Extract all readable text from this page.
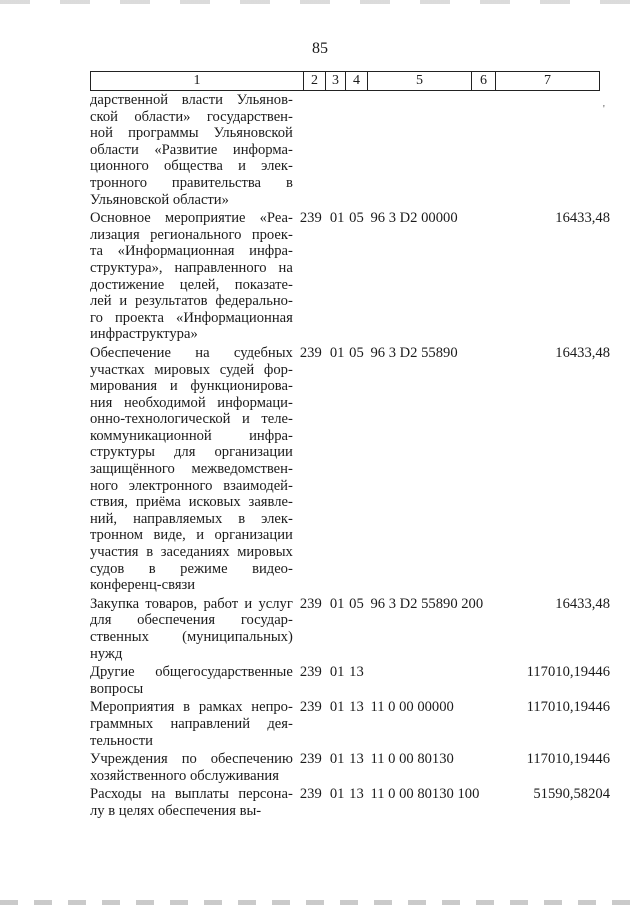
85
1	2	3	4	5	6	7
'
дарственной власти Ульянов-
ской области» государствен-
ной программы Ульяновской
области «Развитие информа-
ционного общества и элек-
тронного правительства в
Ульяновской области»
Основное мероприятие «Реа-
лизация регионального проек-
та «Информационная инфра-
структура», направленного на
достижение целей, показате-
лей и результатов федерально-
го проекта «Информационная
инфраструктура»
239 01 05 96 3 D2 00000	16433,48
Обеспечение на судебных
участках мировых судей фор-
мирования и функционирова-
ния необходимой информаци-
онно-технологической и теле-
коммуникационной инфра-
структуры для организации
защищённого межведомствен-
ного электронного взаимодей-
ствия, приёма исковых заявле-
ний, направляемых в элек-
тронном виде, и организации
участия в заседаниях мировых
судов в режиме видео-
конференц-связи
239 01 05 96 3 D2 55890	16433,48
Закупка товаров, работ и услуг
для обеспечения государ-
ственных (муниципальных)
нужд
239 01 05 96 3 D2 55890 200	16433,48
Другие общегосударственные
вопросы
239 01 13	117010,19446
Мероприятия в рамках непро-
граммных направлений дея-
тельности
239 01 13 11 0 00 00000	117010,19446
Учреждения по обеспечению
хозяйственного обслуживания
239 01 13 11 0 00 80130	117010,19446
Расходы на выплаты персона-
лу в целях обеспечения вы-
239 01 13 11 0 00 80130 100	51590,58204
